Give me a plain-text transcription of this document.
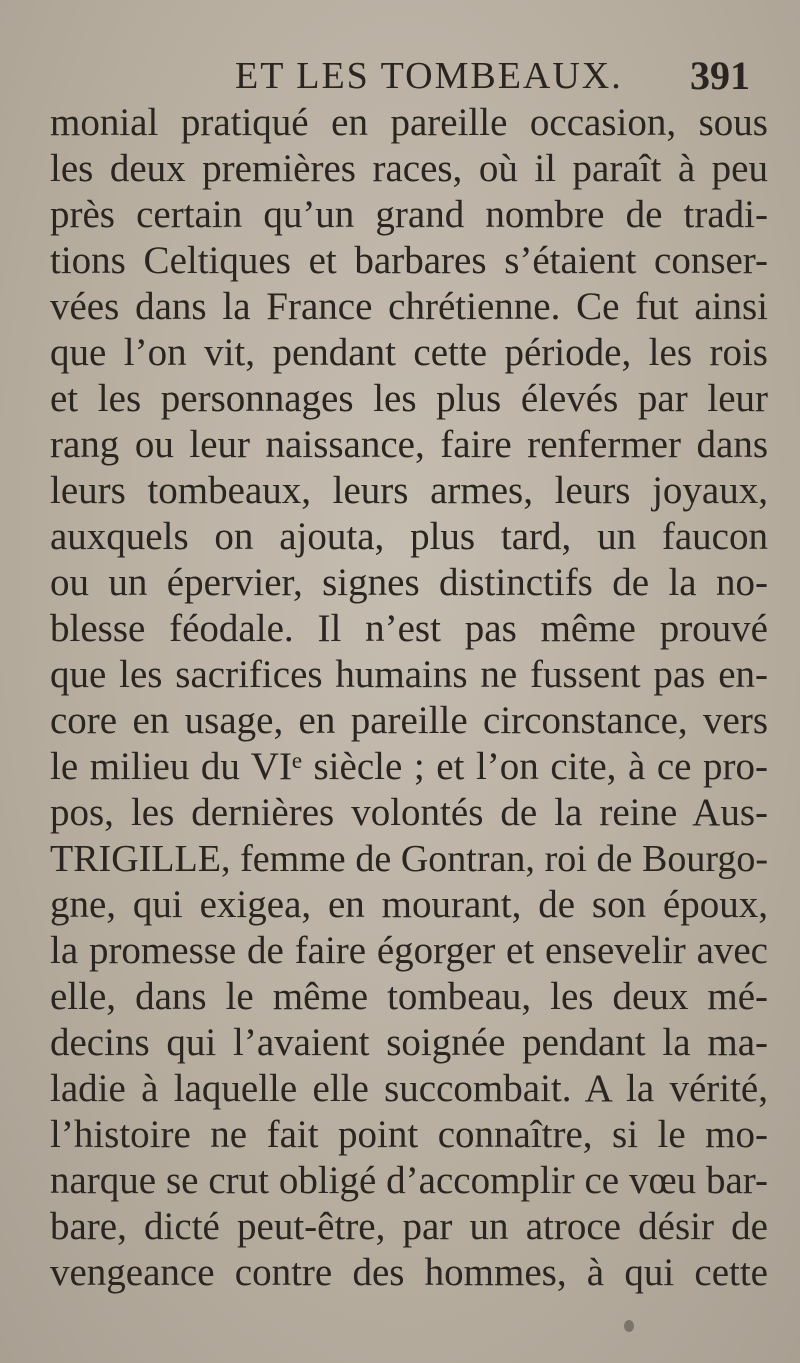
ET LES TOMBEAUX. 391
monial pratiqué en pareille occasion, sous
les deux premières races, où il paraît à peu
près certain qu’un grand nombre de tradi-
tions Celtiques et barbares s’étaient conser-
vées dans la France chrétienne. Ce fut ainsi
que l’on vit, pendant cette période, les rois
et les personnages les plus élevés par leur
rang ou leur naissance, faire renfermer dans
leurs tombeaux, leurs armes, leurs joyaux,
auxquels on ajouta, plus tard, un faucon
ou un épervier, signes distinctifs de la no-
blesse féodale. Il n’est pas même prouvé
que les sacrifices humains ne fussent pas en-
core en usage, en pareille circonstance, vers
le milieu du VIᵉ siècle ; et l’on cite, à ce pro-
pos, les dernières volontés de la reine Aus-
TRIGILLE, femme de Gontran, roi de Bourgo-
gne, qui exigea, en mourant, de son époux,
la promesse de faire égorger et ensevelir avec
elle, dans le même tombeau, les deux mé-
decins qui l’avaient soignée pendant la ma-
ladie à laquelle elle succombait. A la vérité,
l’histoire ne fait point connaître, si le mo-
narque se crut obligé d’accomplir ce vœu bar-
bare, dicté peut-être, par un atroce désir de
vengeance contre des hommes, à qui cette
